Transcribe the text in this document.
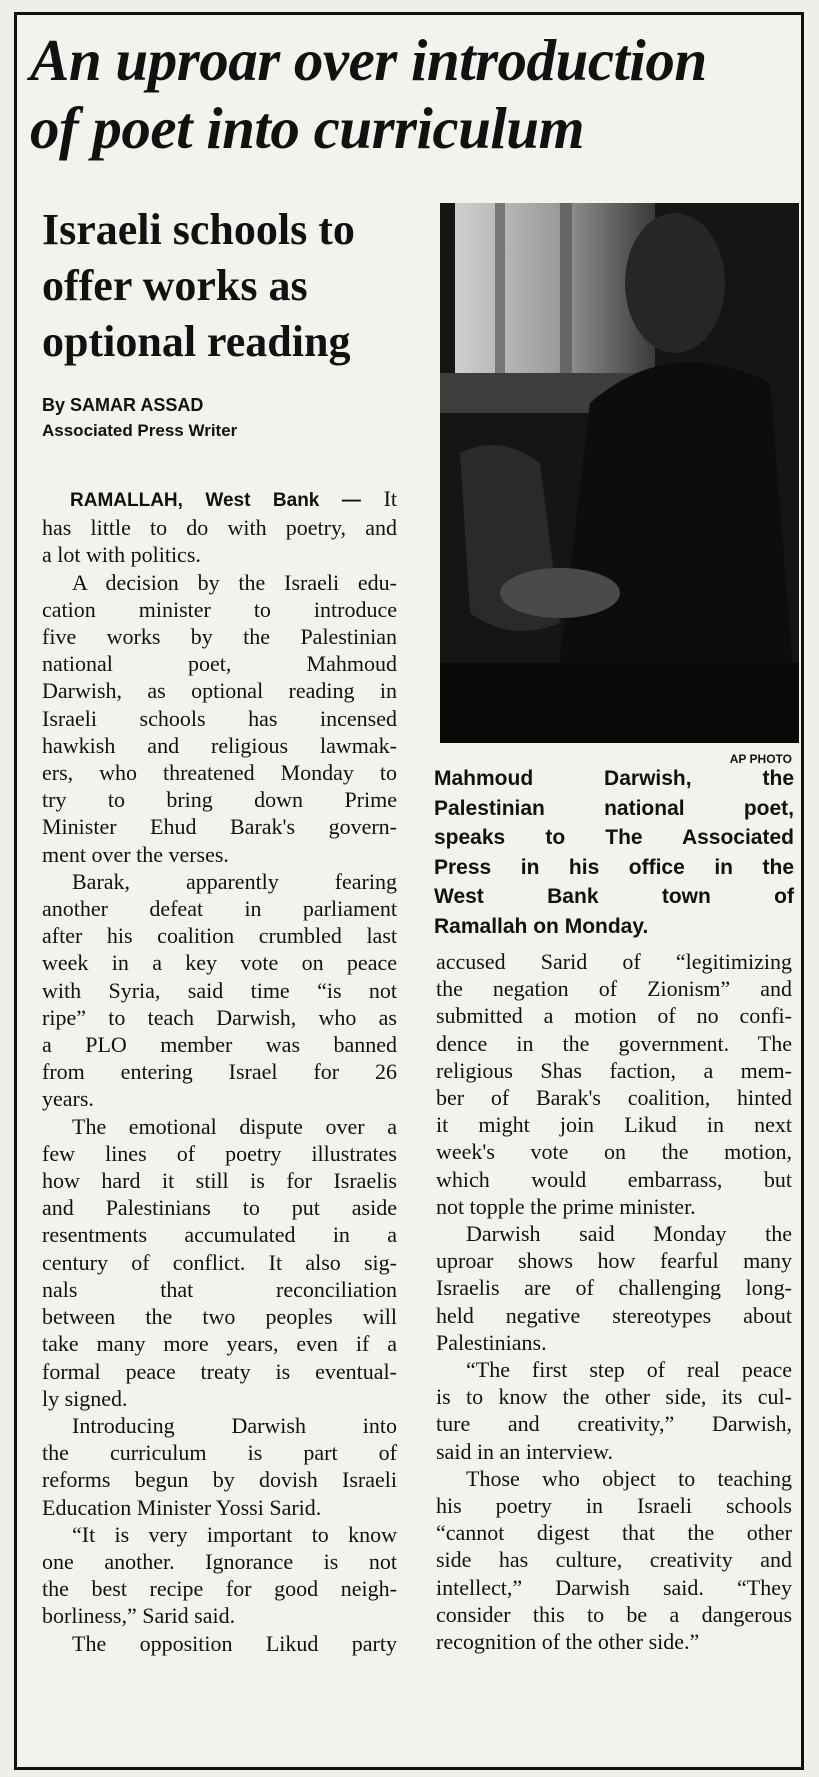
An uproar over introduction
of poet into curriculum
Israeli schools to
offer works as
optional reading
By SAMAR ASSAD
Associated Press Writer
AP PHOTO
Mahmoud Darwish, the
Palestinian national poet,
speaks to The Associated
Press in his office in the
West Bank town of
Ramallah on Monday.
RAMALLAH, West Bank — It
has little to do with poetry, and
a lot with politics.
A decision by the Israeli edu-
cation minister to introduce
five works by the Palestinian
national poet, Mahmoud
Darwish, as optional reading in
Israeli schools has incensed
hawkish and religious lawmak-
ers, who threatened Monday to
try to bring down Prime
Minister Ehud Barak's govern-
ment over the verses.
Barak, apparently fearing
another defeat in parliament
after his coalition crumbled last
week in a key vote on peace
with Syria, said time “is not
ripe” to teach Darwish, who as
a PLO member was banned
from entering Israel for 26
years.
The emotional dispute over a
few lines of poetry illustrates
how hard it still is for Israelis
and Palestinians to put aside
resentments accumulated in a
century of conflict. It also sig-
nals that reconciliation
between the two peoples will
take many more years, even if a
formal peace treaty is eventual-
ly signed.
Introducing Darwish into
the curriculum is part of
reforms begun by dovish Israeli
Education Minister Yossi Sarid.
“It is very important to know
one another. Ignorance is not
the best recipe for good neigh-
borliness,” Sarid said.
The opposition Likud party
accused Sarid of “legitimizing
the negation of Zionism” and
submitted a motion of no confi-
dence in the government. The
religious Shas faction, a mem-
ber of Barak's coalition, hinted
it might join Likud in next
week's vote on the motion,
which would embarrass, but
not topple the prime minister.
Darwish said Monday the
uproar shows how fearful many
Israelis are of challenging long-
held negative stereotypes about
Palestinians.
“The first step of real peace
is to know the other side, its cul-
ture and creativity,” Darwish,
said in an interview.
Those who object to teaching
his poetry in Israeli schools
“cannot digest that the other
side has culture, creativity and
intellect,” Darwish said. “They
consider this to be a dangerous
recognition of the other side.”
